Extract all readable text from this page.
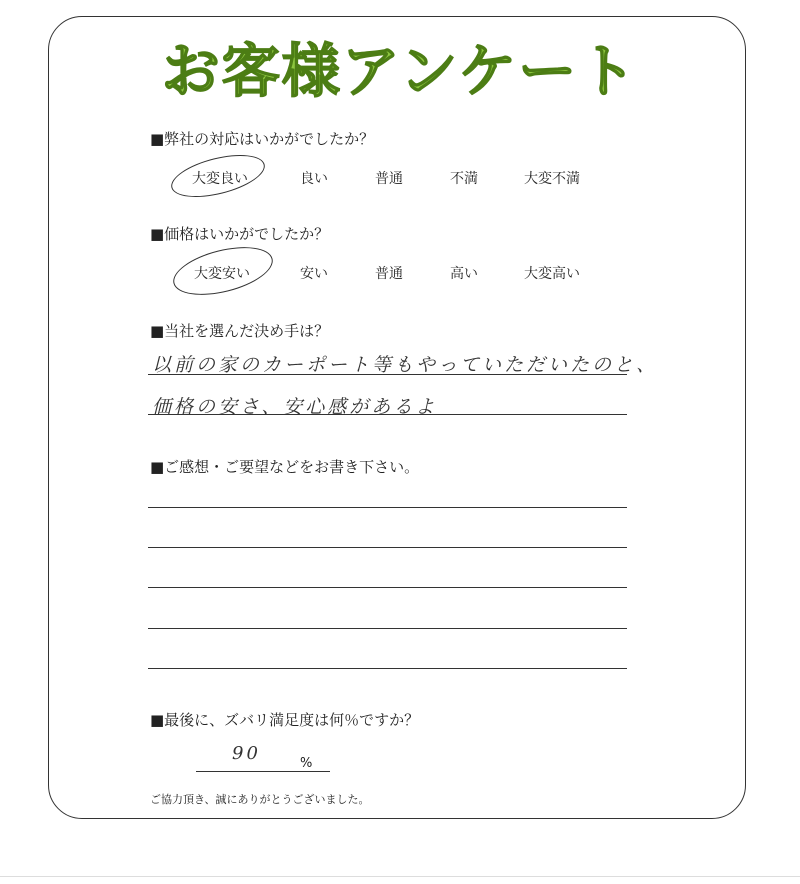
お客様アンケート
■弊社の対応はいかがでしたか？
大変良い	良い	普通	不満	大変不満
■価格はいかがでしたか？
大変安い	安い	普通	高い	大変高い
■当社を選んだ決め手は？
以前の家のカーポート等もやっていただいたのと、
価格の安さ、安心感があるよ
■ご感想・ご要望などをお書き下さい。
■最後に、ズバリ満足度は何％ですか？
90	%
ご協力頂き、誠にありがとうございました。
